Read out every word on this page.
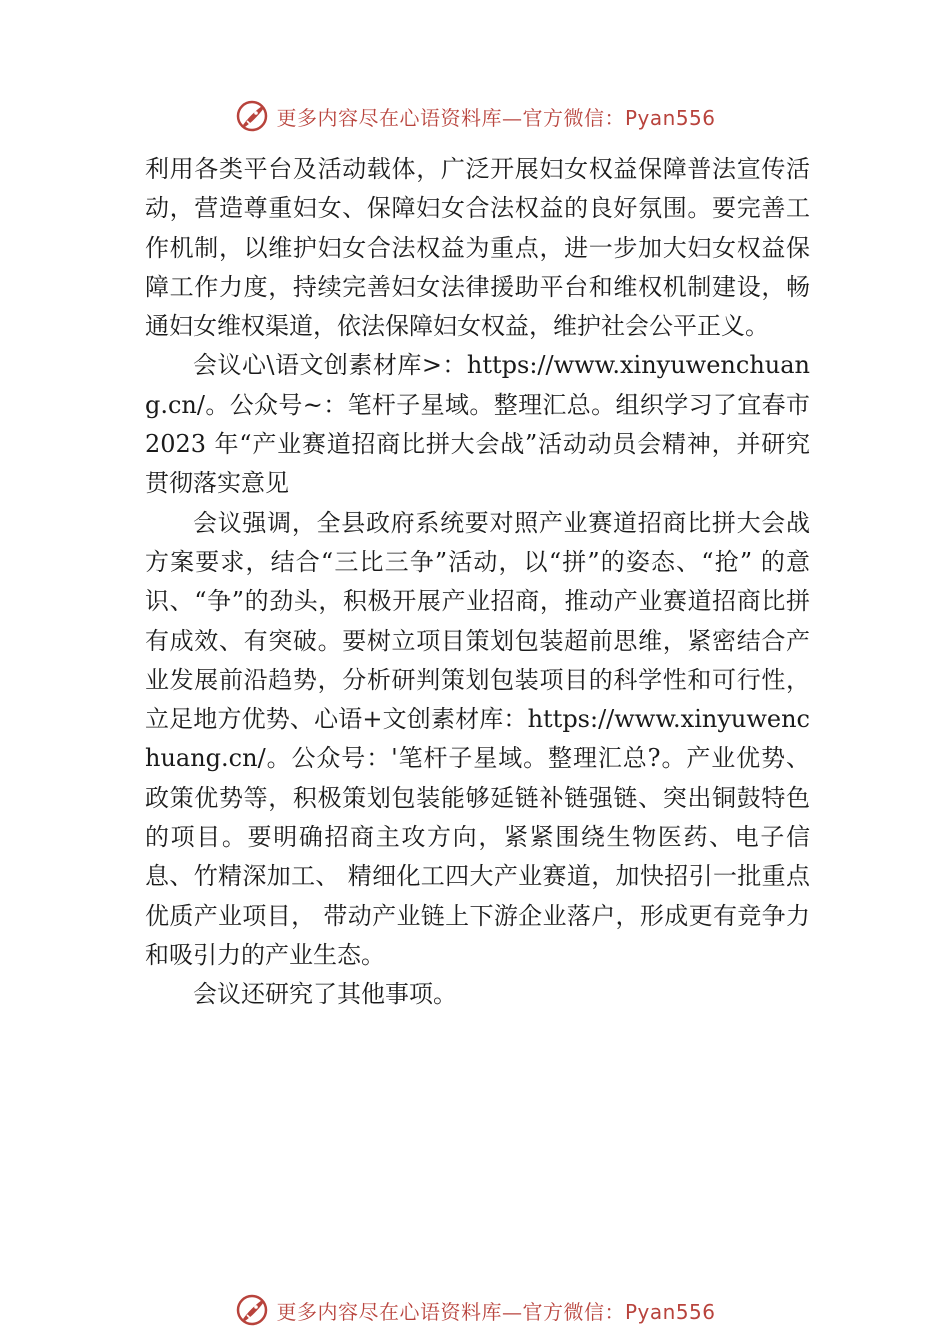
更多内容尽在心语资料库—官方微信：Pyan556

利用各类平台及活动载体，广泛开展妇女权益保障普法宣传活动，营造尊重妇女、保障妇女合法权益的良好氛围。要完善工作机制，以维护妇女合法权益为重点，进一步加大妇女权益保障工作力度，持续完善妇女法律援助平台和维权机制建设，畅通妇女维权渠道，依法保障妇女权益，维护社会公平正义。

会议心\语文创素材库>：https://www.xinyuwenchuang.cn/。公众号~：笔杆子星域。整理汇总。组织学习了宜春市 2023 年“产业赛道招商比拼大会战”活动动员会精神，并研究贯彻落实意见

会议强调，全县政府系统要对照产业赛道招商比拼大会战方案要求，结合“三比三争”活动，以“拼”的姿态、“抢” 的意识、“争”的劲头，积极开展产业招商，推动产业赛道招商比拼有成效、有突破。要树立项目策划包装超前思维，紧密结合产业发展前沿趋势，分析研判策划包装项目的科学性和可行性，立足地方优势、心语+文创素材库：https://www.xinyuwenchuang.cn/。公众号：'笔杆子星域。整理汇总?。产业优势、政策优势等，积极策划包装能够延链补链强链、突出铜鼓特色的项目。要明确招商主攻方向，紧紧围绕生物医药、电子信息、竹精深加工、 精细化工四大产业赛道，加快招引一批重点优质产业项目， 带动产业链上下游企业落户，形成更有竞争力和吸引力的产业生态。

会议还研究了其他事项。

更多内容尽在心语资料库—官方微信：Pyan556
